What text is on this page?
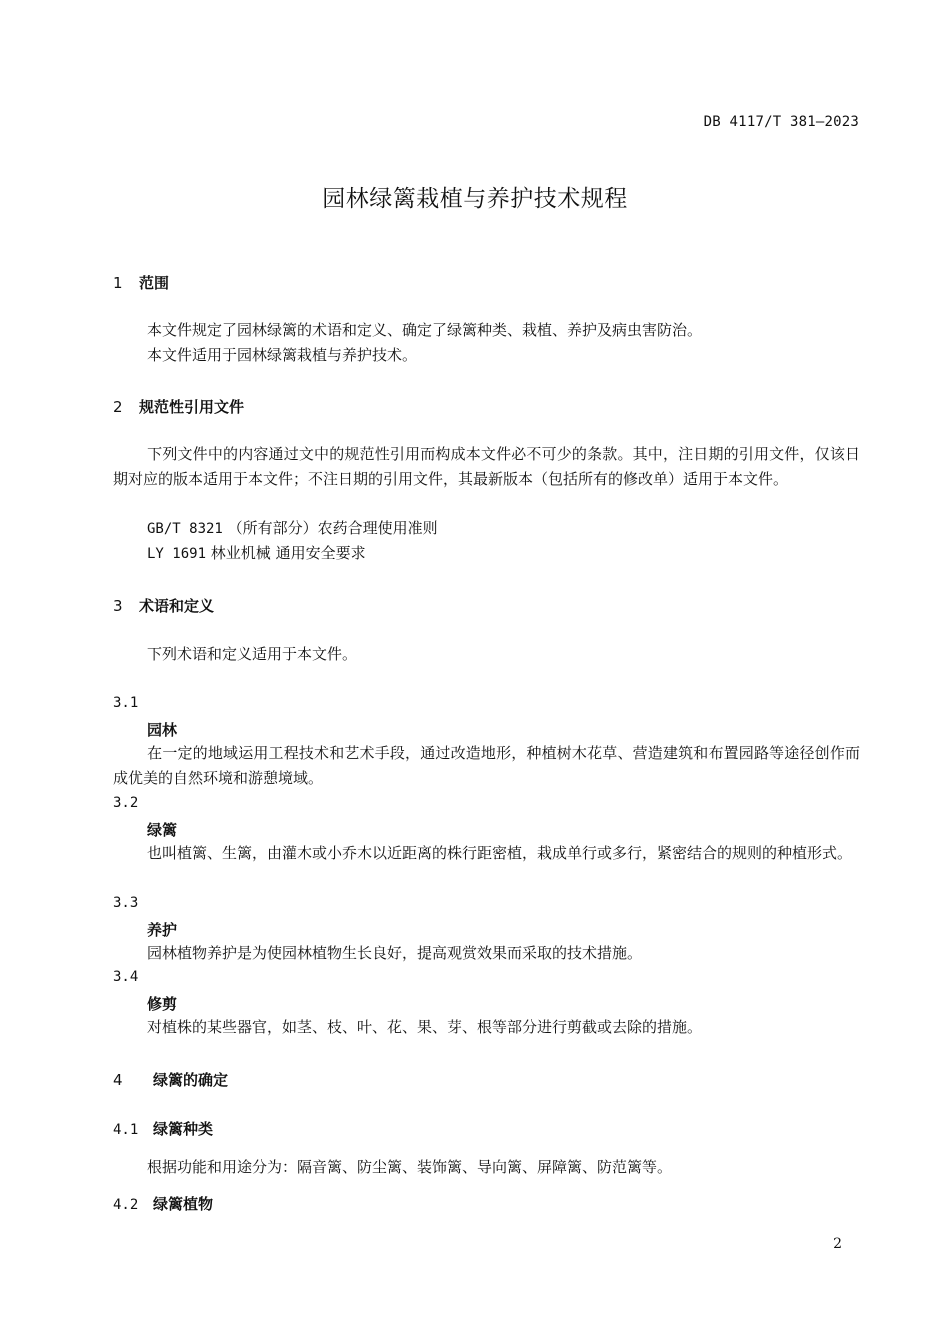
DB 4117/T 381—2023
园林绿篱栽植与养护技术规程
1 范围
本文件规定了园林绿篱的术语和定义、确定了绿篱种类、栽植、养护及病虫害防治。
本文件适用于园林绿篱栽植与养护技术。
2 规范性引用文件
下列文件中的内容通过文中的规范性引用而构成本文件必不可少的条款。其中，注日期的引用文件，仅该日期对应的版本适用于本文件；不注日期的引用文件，其最新版本（包括所有的修改单）适用于本文件。
GB/T 8321 （所有部分）农药合理使用准则
LY 1691 林业机械 通用安全要求
3 术语和定义
下列术语和定义适用于本文件。
3.1
园林
在一定的地域运用工程技术和艺术手段，通过改造地形，种植树木花草、营造建筑和布置园路等途径创作而成优美的自然环境和游憩境域。
3.2
绿篱
也叫植篱、生篱，由灌木或小乔木以近距离的株行距密植，栽成单行或多行，紧密结合的规则的种植形式。
3.3
养护
园林植物养护是为使园林植物生长良好，提高观赏效果而采取的技术措施。
3.4
修剪
对植株的某些器官，如茎、枝、叶、花、果、芽、根等部分进行剪截或去除的措施。
4 绿篱的确定
4.1 绿篱种类
根据功能和用途分为：隔音篱、防尘篱、装饰篱、导向篱、屏障篱、防范篱等。
4.2 绿篱植物
2
